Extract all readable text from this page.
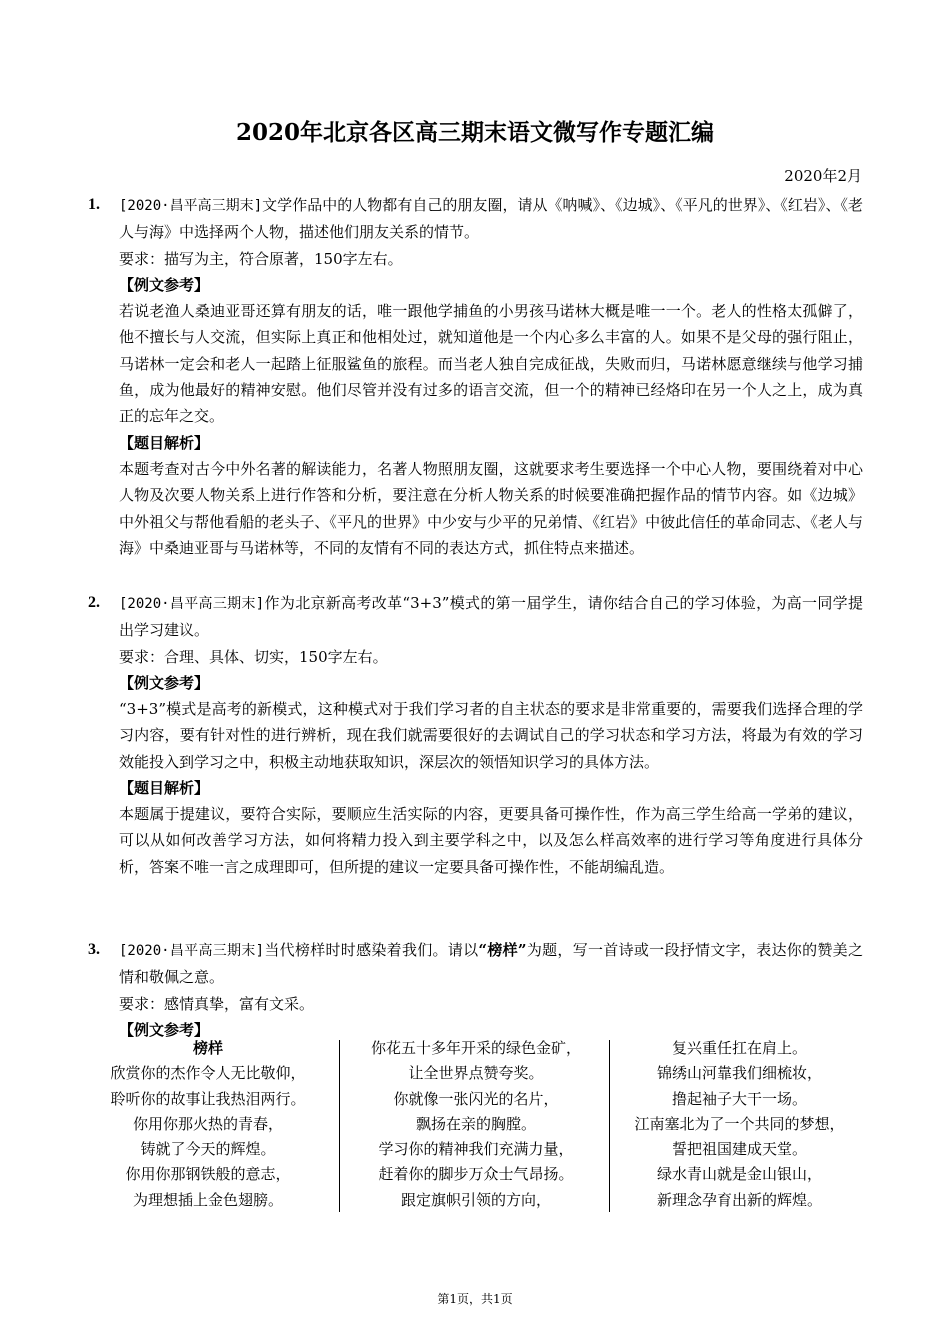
2020年北京各区高三期末语文微写作专题汇编
2020年2月
1. [2020·昌平高三期末]文学作品中的人物都有自己的朋友圈，请从《呐喊》、《边城》、《平凡的世界》、《红岩》、《老人与海》中选择两个人物，描述他们朋友关系的情节。
要求：描写为主，符合原著，150字左右。
【例文参考】
若说老渔人桑迪亚哥还算有朋友的话，唯一跟他学捕鱼的小男孩马诺林大概是唯一一个。老人的性格太孤僻了，他不擅长与人交流，但实际上真正和他相处过，就知道他是一个内心多么丰富的人。如果不是父母的强行阻止，马诺林一定会和老人一起踏上征服鲨鱼的旅程。而当老人独自完成征战，失败而归，马诺林愿意继续与他学习捕鱼，成为他最好的精神安慰。他们尽管并没有过多的语言交流，但一个的精神已经烙印在另一个人之上，成为真正的忘年之交。
【题目解析】
本题考查对古今中外名著的解读能力，名著人物照朋友圈，这就要求考生要选择一个中心人物，要围绕着对中心人物及次要人物关系上进行作答和分析，要注意在分析人物关系的时候要准确把握作品的情节内容。如《边城》中外祖父与帮他看船的老头子、《平凡的世界》中少安与少平的兄弟情、《红岩》中彼此信任的革命同志、《老人与海》中桑迪亚哥与马诺林等，不同的友情有不同的表达方式，抓住特点来描述。
2. [2020·昌平高三期末]作为北京新高考改革“3+3”模式的第一届学生，请你结合自己的学习体验，为高一同学提出学习建议。
要求：合理、具体、切实，150字左右。
【例文参考】
“3+3”模式是高考的新模式，这种模式对于我们学习者的自主状态的要求是非常重要的，需要我们选择合理的学习内容，要有针对性的进行辨析，现在我们就需要很好的去调试自己的学习状态和学习方法，将最为有效的学习效能投入到学习之中，积极主动地获取知识，深层次的领悟知识学习的具体方法。
【题目解析】
本题属于提建议，要符合实际，要顺应生活实际的内容，更要具备可操作性，作为高三学生给高一学弟的建议，可以从如何改善学习方法，如何将精力投入到主要学科之中，以及怎么样高效率的进行学习等角度进行具体分析，答案不唯一言之成理即可，但所提的建议一定要具备可操作性，不能胡编乱造。
3. [2020·昌平高三期末]当代榜样时时感染着我们。请以“榜样”为题，写一首诗或一段抒情文字，表达你的赞美之情和敬佩之意。
要求：感情真挚，富有文采。
【例文参考】
榜样
欣赏你的杰作令人无比敬仰，
聆听你的故事让我热泪两行。
你用你那火热的青春，
铸就了今天的辉煌。
你用你那钢铁般的意志，
为理想插上金色翅膀。
你花五十多年开采的绿色金矿，
让全世界点赞夸奖。
你就像一张闪光的名片，
飘扬在亲的胸膛。
学习你的精神我们充满力量，
赶着你的脚步万众士气昂扬。
跟定旗帜引领的方向，
复兴重任扛在肩上。
锦绣山河靠我们细梳妆，
撸起袖子大干一场。
江南塞北为了一个共同的梦想，
誓把祖国建成天堂。
绿水青山就是金山银山，
新理念孕育出新的辉煌。
第1页，共1页
